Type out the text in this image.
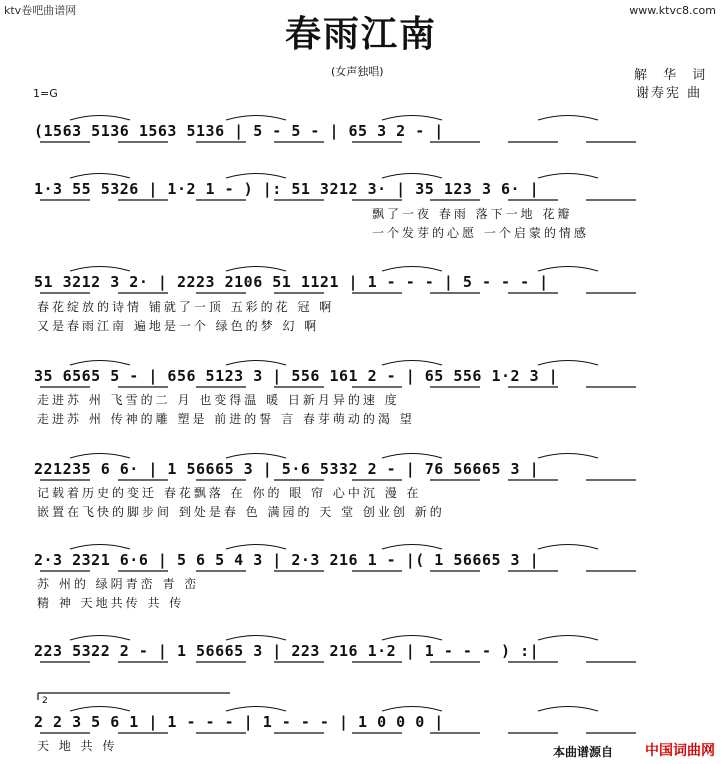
ktv卷吧曲谱网	www.ktvc8.com
春雨江南
(女声独唱)	解 华 词
谢寿宪 曲
1=G
(1563 5136 1563 5136 | 5 - 5 - | 65 3 2 - |
1·3 55 5326 | 1·2 1 - ) |: 51 3212 3· | 35 123 3 6· |
51 3212 3 2· | 2223 2106 51 1121 | 1 - - - | 5 - - - |
35 6565 5 - | 656 5123 3 | 556 161 2 - | 65 556 1·2 3 |
221235 6 6· | 1 56665 3 | 5·6 5332 2 - | 76 56665 3 |
2·3 2321 6·6 | 5 6 5 4 3 | 2·3 216 1 - |( 1 56665 3 |
223 5322 2 - | 1 56665 3 | 223 216 1·2 | 1 - - - ) :|
2 2 3 5 6 1 | 1 - - - | 1 - - - | 1 0 0 0 |
飘了一夜 春雨 落下一地 花瓣
一个发芽的心愿 一个启蒙的情感
春花绽放的诗情 铺就了一顶 五彩的花 冠 啊
又是春雨江南 遍地是一个 绿色的梦 幻 啊
走进苏 州 飞雪的二 月 也变得温 暖 日新月异的速 度
走进苏 州 传神的雕 塑是 前进的誓 言 春芽萌动的渴 望
记载着历史的变迁 春花飘落 在 你的 眼 帘 心中沉 漫 在
嵌置在飞快的脚步间 到处是春 色 满园的 天 堂 创业创 新的
苏 州的 绿阴青峦 青 峦
精 神 天地共传 共 传
天 地 共 传
2
本曲谱源自 中国词曲网
